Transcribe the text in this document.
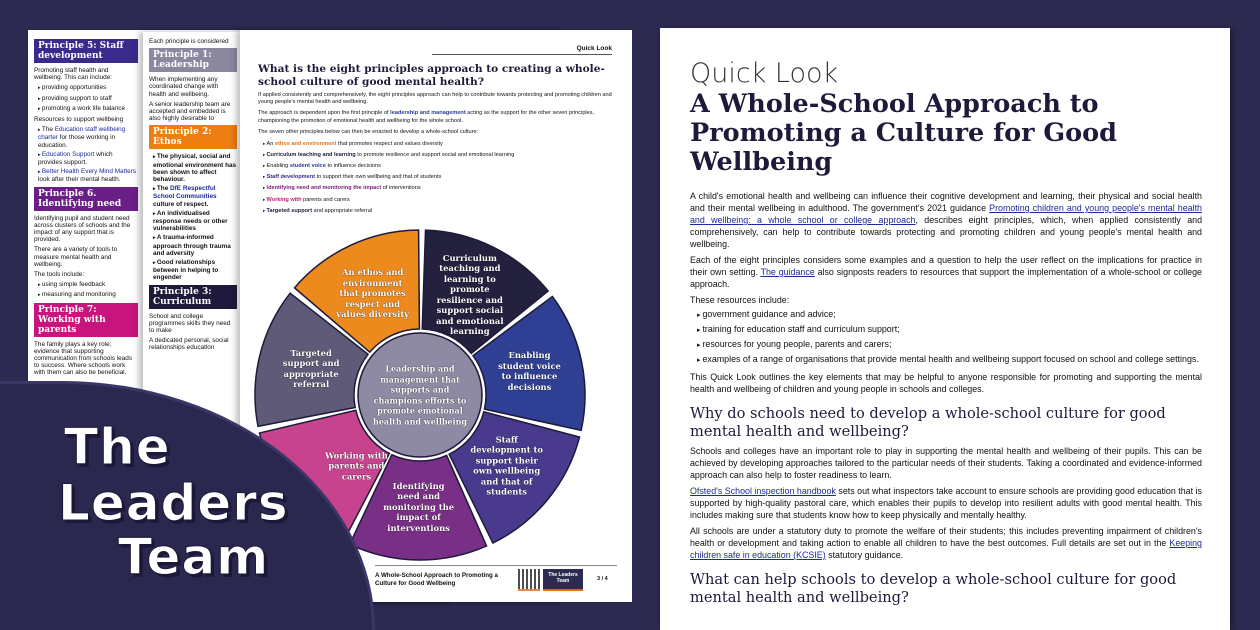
Principle 5: Staff development

Promoting staff health and wellbeing. This can include:

▸ providing opportunities
▸ providing support to staff
▸ promoting a work life balance

Resources to support wellbeing

▸ The Education staff wellbeing charter for those working in education.
▸ Education Support which provides support.
▸ Better Health Every Mind Matters look after their mental health.
Principle 6. Identifying need

Identifying pupil and student need across clusters of schools and the impact of any support that is provided.

There are a variety of tools to measure mental health and wellbeing.

The tools include:

▸ using simple feedback
▸ measuring and monitoring
Principle 7: Working with parents

The family plays a key role; evidence that supporting communication from schools leads to success. Where schools work with them can also be beneficial.

Each principle is considered

Principle 1: Leadership

When implementing any coordinated change with health and wellbeing.

A senior leadership team are accepted and embedded is also highly desirable to

Principle 2: Ethos
▸ The physical, social and emotional environment has been shown to affect behaviour.
▸ The DfE Respectful School Communities culture of respect.
▸ An individualised response needs or other vulnerabilities
▸ A trauma-informed approach through trauma and adversity
▸ Good relationships between in helping to engender
Principle 3: Curriculum

School and college programmes skills they need to make

A dedicated personal, social relationships education

Quick Look
What is the eight principles approach to creating a whole-school culture of good mental health?

If applied consistently and comprehensively, the eight principles approach can help to contribute towards protecting and promoting children and young people's mental health and wellbeing.

The approach is dependent upon the first principle of leadership and management acting as the support for the other seven principles, championing the promotion of emotional health and wellbeing for the whole school.

The seven other principles below can then be enacted to develop a whole-school culture:

▸ An ethos and environment that promotes respect and values diversity
▸ Curriculum teaching and learning to promote resilience and support social and emotional learning
▸ Enabling student voice to influence decisions
▸ Staff development to support their own wellbeing and that of students
▸ Identifying need and monitoring the impact of interventions
▸ Working with parents and carers
▸ Targeted support and appropriate referral
An ethos and environment that promotes respect and values diversity
Curriculum teaching and learning to promote resilience and support social and emotional learning
Enabling student voice to influence decisions
Staff development to support their own wellbeing and that of students
Identifying need and monitoring the impact of interventions
Working with parents and carers
Targeted support and appropriate referral
Leadership and management that supports and champions efforts to promote emotional health and wellbeing
A Whole-School Approach to Promoting a Culture for Good Wellbeing
The Leaders Team	3 / 4
The
Leaders
Team
Quick Look
A Whole-School Approach to Promoting a Culture for Good Wellbeing

A child's emotional health and wellbeing can influence their cognitive development and learning, their physical and social health and their mental wellbeing in adulthood. The government's 2021 guidance Promoting children and young people's mental health and wellbeing: a whole school or college approach, describes eight principles, which, when applied consistently and comprehensively, can help to contribute towards protecting and promoting children and young people's mental health and wellbeing.

Each of the eight principles considers some examples and a question to help the user reflect on the implications for practice in their own setting. The guidance also signposts readers to resources that support the implementation of a whole-school or college approach.

These resources include:

▸ government guidance and advice;
▸ training for education staff and curriculum support;
▸ resources for young people, parents and carers;
▸ examples of a range of organisations that provide mental health and wellbeing support focused on school and college settings.

This Quick Look outlines the key elements that may be helpful to anyone responsible for promoting and supporting the mental health and wellbeing of children and young people in schools and colleges.

Why do schools need to develop a whole-school culture for good mental health and wellbeing?

Schools and colleges have an important role to play in supporting the mental health and wellbeing of their pupils. This can be achieved by developing approaches tailored to the particular needs of their students. Taking a coordinated and evidence-informed approach can also help to foster readiness to learn.

Ofsted's School inspection handbook sets out what inspectors take account to ensure schools are providing good education that is supported by high-quality pastoral care, which enables their pupils to develop into resilient adults with good mental health. This includes making sure that students know how to keep physically and mentally healthy.

All schools are under a statutory duty to promote the welfare of their students; this includes preventing impairment of children's health or development and taking action to enable all children to have the best outcomes. Full details are set out in the Keeping children safe in education (KCSIE) statutory guidance.

What can help schools to develop a whole-school culture for good mental health and wellbeing?
